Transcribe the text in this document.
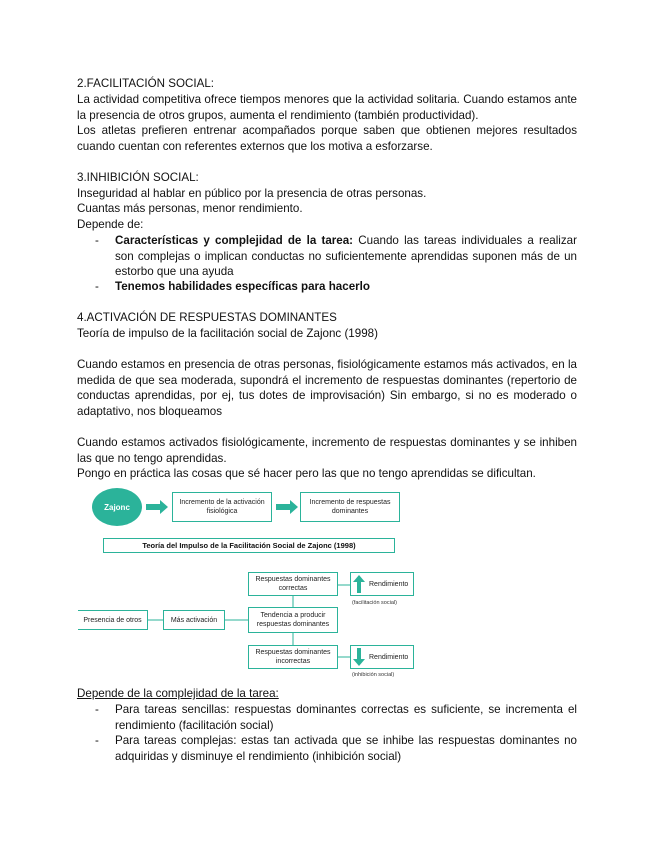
2.FACILITACIÓN SOCIAL:
La actividad competitiva ofrece tiempos menores que la actividad solitaria. Cuando estamos ante la presencia de otros grupos, aumenta el rendimiento (también productividad).
Los atletas prefieren entrenar acompañados porque saben que obtienen mejores resultados cuando cuentan con referentes externos que los motiva a esforzarse.
3.INHIBICIÓN SOCIAL:
Inseguridad al hablar en público por la presencia de otras personas.
Cuantas más personas, menor rendimiento.
Depende de:
- Características y complejidad de la tarea: Cuando las tareas individuales a realizar son complejas o implican conductas no suficientemente aprendidas suponen más de un estorbo que una ayuda
- Tenemos habilidades específicas para hacerlo
4.ACTIVACIÓN DE RESPUESTAS DOMINANTES
Teoría de impulso de la facilitación social de Zajonc (1998)
Cuando estamos en presencia de otras personas, fisiológicamente estamos más activados, en la medida de que sea moderada, supondrá el incremento de respuestas dominantes (repertorio de conductas aprendidas, por ej, tus dotes de improvisación) Sin embargo, si no es moderado o adaptativo, nos bloqueamos
Cuando estamos activados fisiológicamente, incremento de respuestas dominantes y se inhiben las que no tengo aprendidas.
Pongo en práctica las cosas que sé hacer pero las que no tengo aprendidas se dificultan.
Zajonc	Incremento de la activación fisiológica
Incremento de respuestas dominantes
Teoría del Impulso de la Facilitación Social de Zajonc (1998)
Presencia de otros	Más activación
Tendencia a producir respuestas dominantes
Respuestas dominantes correctas
Respuestas dominantes incorrectas
Rendimiento
(facilitación social)
Rendimiento
(inhibición social)
Depende de la complejidad de la tarea:
- Para tareas sencillas: respuestas dominantes correctas es suficiente, se incrementa el rendimiento (facilitación social)
- Para tareas complejas: estas tan activada que se inhibe las respuestas dominantes no adquiridas y disminuye el rendimiento (inhibición social)
